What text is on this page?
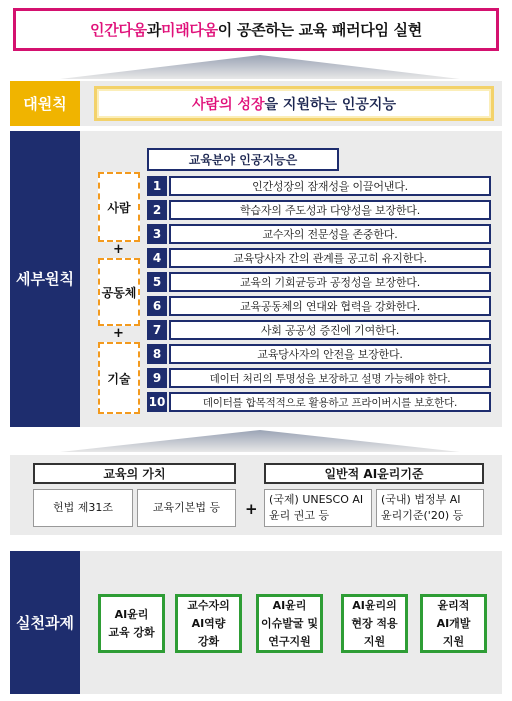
인간다움 과 미래다움 이 공존하는 교육 패러다임 실현
대원칙	사람의 성장 을 지원하는 인공지능
세부원칙
교육분야 인공지능은
사람
+
공동체
+
기술
1	인간성장의 잠재성을 이끌어낸다.
2	학습자의 주도성과 다양성을 보장한다.
3	교수자의 전문성을 존중한다.
4	교육당사자 간의 관계를 공고히 유지한다.
5	교육의 기회균등과 공정성을 보장한다.
6	교육공동체의 연대와 협력을 강화한다.
7	사회 공공성 증진에 기여한다.
8	교육당사자의 안전을 보장한다.
9	데이터 처리의 투명성을 보장하고 설명 가능해야 한다.
10	데이터를 합목적적으로 활용하고 프라이버시를 보호한다.
교육의 가치
헌법 제31조	교육기본법 등 +
일반적 AI윤리기준
(국제) UNESCO AI
윤리 권고 등
(국내) 법정부 AI
윤리기준('20) 등
실천과제	AI윤리
교육 강화
교수자의
AI역량
강화
AI윤리
이슈발굴 및
연구지원
AI윤리의
현장 적용
지원
윤리적
AI개발
지원
